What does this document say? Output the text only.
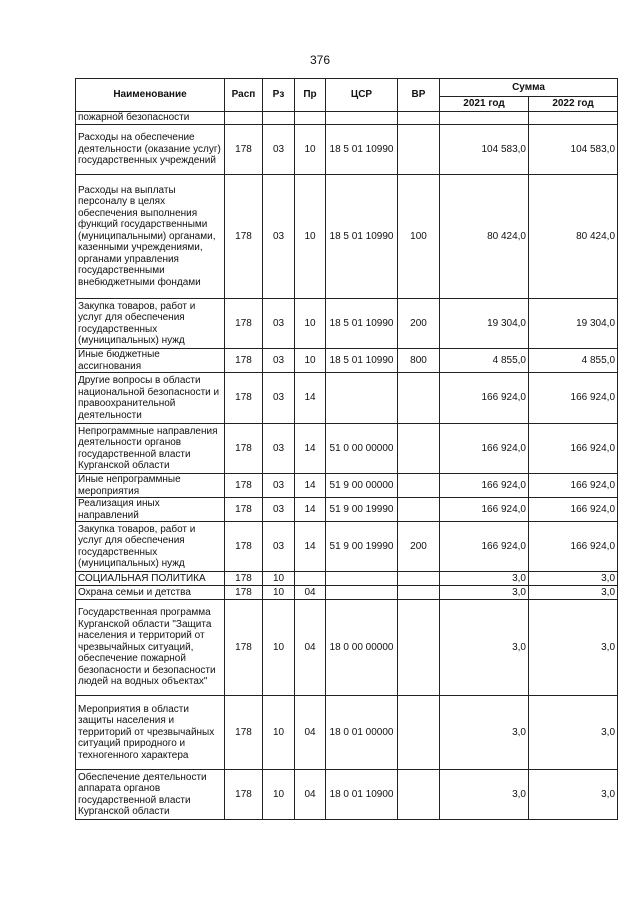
376
Наименование	Расп	Рз	Пр	ЦСР	ВР	Сумма	
						2021 год	2022 год
пожарной безопасности							
Расходы на обеспечение деятельности (оказание услуг) государственных учреждений	178	03	10	18 5 01 10990		104 583,0	104 583,0
Расходы на выплаты персоналу в целях обеспечения выполнения функций государственными (муниципальными) органами, казенными учреждениями, органами управления государственными внебюджетными фондами	178	03	10	18 5 01 10990	100	80 424,0	80 424,0
Закупка товаров, работ и услуг для обеспечения государственных (муниципальных) нужд	178	03	10	18 5 01 10990	200	19 304,0	19 304,0
Иные бюджетные ассигнования	178	03	10	18 5 01 10990	800	4 855,0	4 855,0
Другие вопросы в области национальной безопасности и правоохранительной деятельности	178	03	14			166 924,0	166 924,0
Непрограммные направления деятельности органов государственной власти Курганской области	178	03	14	51 0 00 00000		166 924,0	166 924,0
Иные непрограммные мероприятия	178	03	14	51 9 00 00000		166 924,0	166 924,0
Реализация иных направлений	178	03	14	51 9 00 19990		166 924,0	166 924,0
Закупка товаров, работ и услуг для обеспечения государственных (муниципальных) нужд	178	03	14	51 9 00 19990	200	166 924,0	166 924,0
СОЦИАЛЬНАЯ ПОЛИТИКА	178	10				3,0	3,0
Охрана семьи и детства	178	10	04			3,0	3,0
Государственная программа Курганской области "Защита населения и территорий от чрезвычайных ситуаций, обеспечение пожарной безопасности и безопасности людей на водных объектах"	178	10	04	18 0 00 00000		3,0	3,0
Мероприятия в области защиты населения и территорий от чрезвычайных ситуаций природного и техногенного характера	178	10	04	18 0 01 00000		3,0	3,0
Обеспечение деятельности аппарата органов государственной власти Курганской области	178	10	04	18 0 01 10900		3,0	3,0
